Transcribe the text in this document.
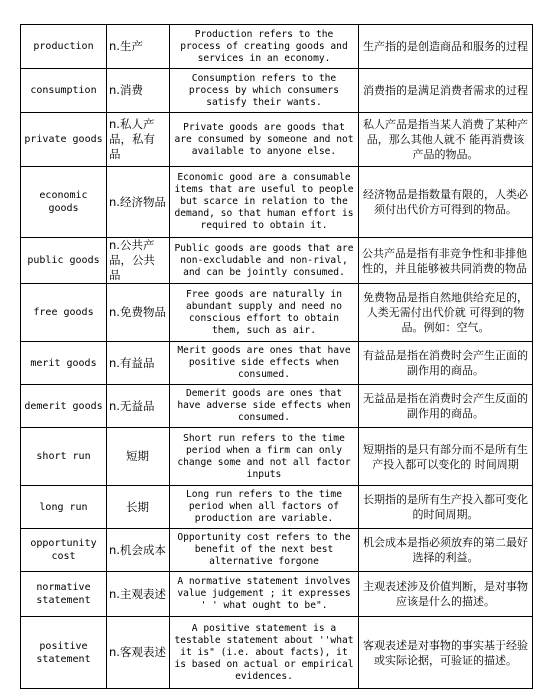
production	n.生产	Production refers to the process of creating goods and services in an economy.	生产指的是创造商品和服务的过程
consumption	n.消费	Consumption refers to the process by which consumers satisfy their wants.	消费指的是满足消费者需求的过程
private goods	n.私人产品，私有品	Private goods are goods that are consumed by someone and not available to anyone else.	私人产品是指当某人消费了某种产品，那么其他人就不 能再消费该产品的物品。
economic goods	n.经济物品	Economic good are a consumable items that are useful to people but scarce in relation to the demand, so that human effort is required to obtain it.	经济物品是指数量有限的，人类必须付出代价方可得到的物品。
public goods	n.公共产品，公共品	Public goods are goods that are non-excludable and non-rival, and can be jointly consumed.	公共产品是指有非竞争性和非排他性的，并且能够被共同消费的物品
free goods	n.免费物品	Free goods are naturally in abundant supply and need no conscious effort to obtain them, such as air.	免费物品是指自然地供给充足的，人类无需付出代价就 可得到的物品。例如：空气。
merit goods	n.有益品	Merit goods are ones that have positive side effects when consumed.	有益品是指在消费时会产生正面的副作用的商品。
demerit goods	n.无益品	Demerit goods are ones that have adverse side effects when consumed.	无益品是指在消费时会产生反面的副作用的商品。
short run	短期	Short run refers to the time period when a firm can only change some and not all factor inputs	短期指的是只有部分而不是所有生产投入都可以变化的 时间周期
long run	长期	Long run refers to the time period when all factors of production are variable.	长期指的是所有生产投入都可变化的时间周期。
opportunity cost	n.机会成本	Opportunity cost refers to the benefit of the next best alternative forgone	机会成本是指必须放弃的第二最好选择的利益。
normative statement	n.主观表述	A normative statement involves value judgement ; it expresses ' ' what ought to be".	主观表述涉及价值判断，是对事物应该是什么的描述。
positive statement	n.客观表述	A positive statement is a testable statement about ''what it is" (i.e. about facts), it is based on actual or empirical evidences.	客观表述是对事物的事实基于经验或实际论据，可验证的描述。
